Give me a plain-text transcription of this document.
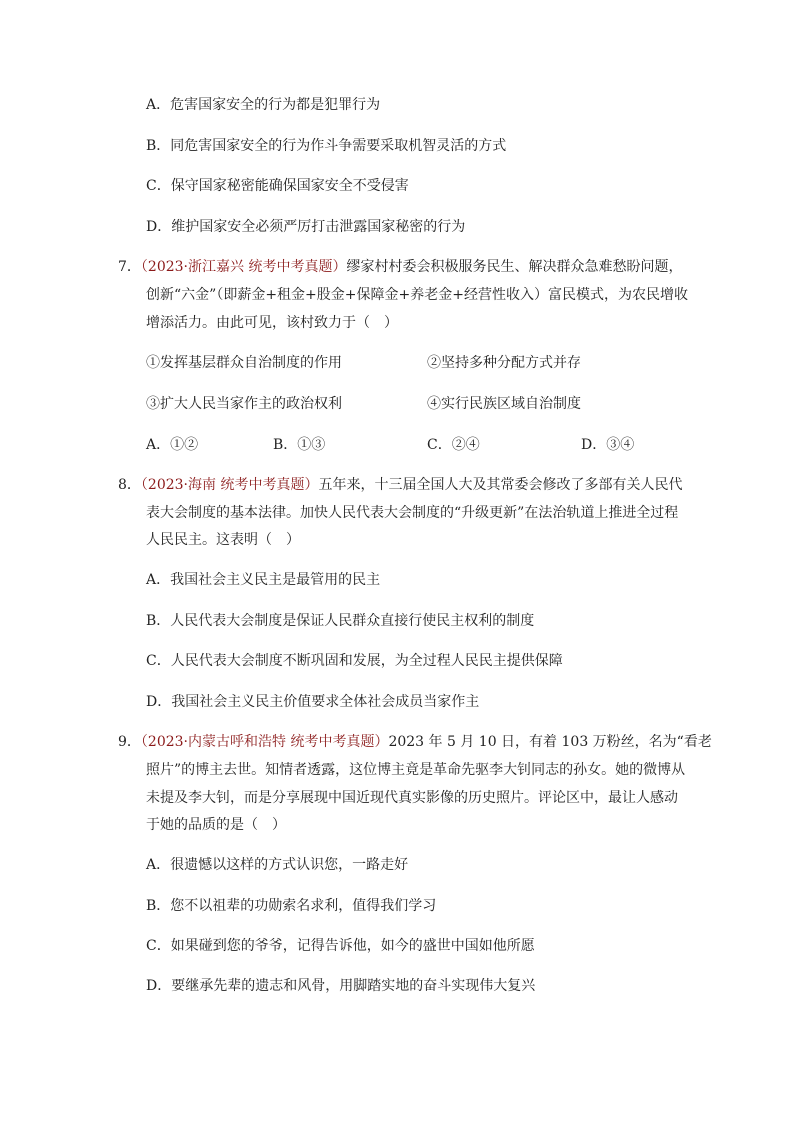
A．危害国家安全的行为都是犯罪行为
B．同危害国家安全的行为作斗争需要采取机智灵活的方式
C．保守国家秘密能确保国家安全不受侵害
D．维护国家安全必须严厉打击泄露国家秘密的行为
7．（2023·浙江嘉兴 统考中考真题）缪家村村委会积极服务民生、解决群众急难愁盼问题，
创新“六金”（即薪金+租金+股金+保障金+养老金+经营性收入）富民模式，为农民增收
增添活力。由此可见，该村致力于（　）
①发挥基层群众自治制度的作用	②坚持多种分配方式并存
③扩大人民当家作主的政治权利	④实行民族区域自治制度
A．①②	B．①③	C．②④	D．③④
8．（2023·海南 统考中考真题）五年来，十三届全国人大及其常委会修改了多部有关人民代
表大会制度的基本法律。加快人民代表大会制度的“升级更新”在法治轨道上推进全过程
人民民主。这表明（　）
A．我国社会主义民主是最管用的民主
B．人民代表大会制度是保证人民群众直接行使民主权利的制度
C．人民代表大会制度不断巩固和发展，为全过程人民民主提供保障
D．我国社会主义民主价值要求全体社会成员当家作主
9．（2023·内蒙古呼和浩特 统考中考真题）2023 年 5 月 10 日，有着 103 万粉丝，名为“看老
照片”的博主去世。知情者透露，这位博主竟是革命先驱李大钊同志的孙女。她的微博从
未提及李大钊，而是分享展现中国近现代真实影像的历史照片。评论区中，最让人感动
于她的品质的是（　）
A．很遗憾以这样的方式认识您，一路走好
B．您不以祖辈的功勋索名求利，值得我们学习
C．如果碰到您的爷爷，记得告诉他，如今的盛世中国如他所愿
D．要继承先辈的遗志和风骨，用脚踏实地的奋斗实现伟大复兴
